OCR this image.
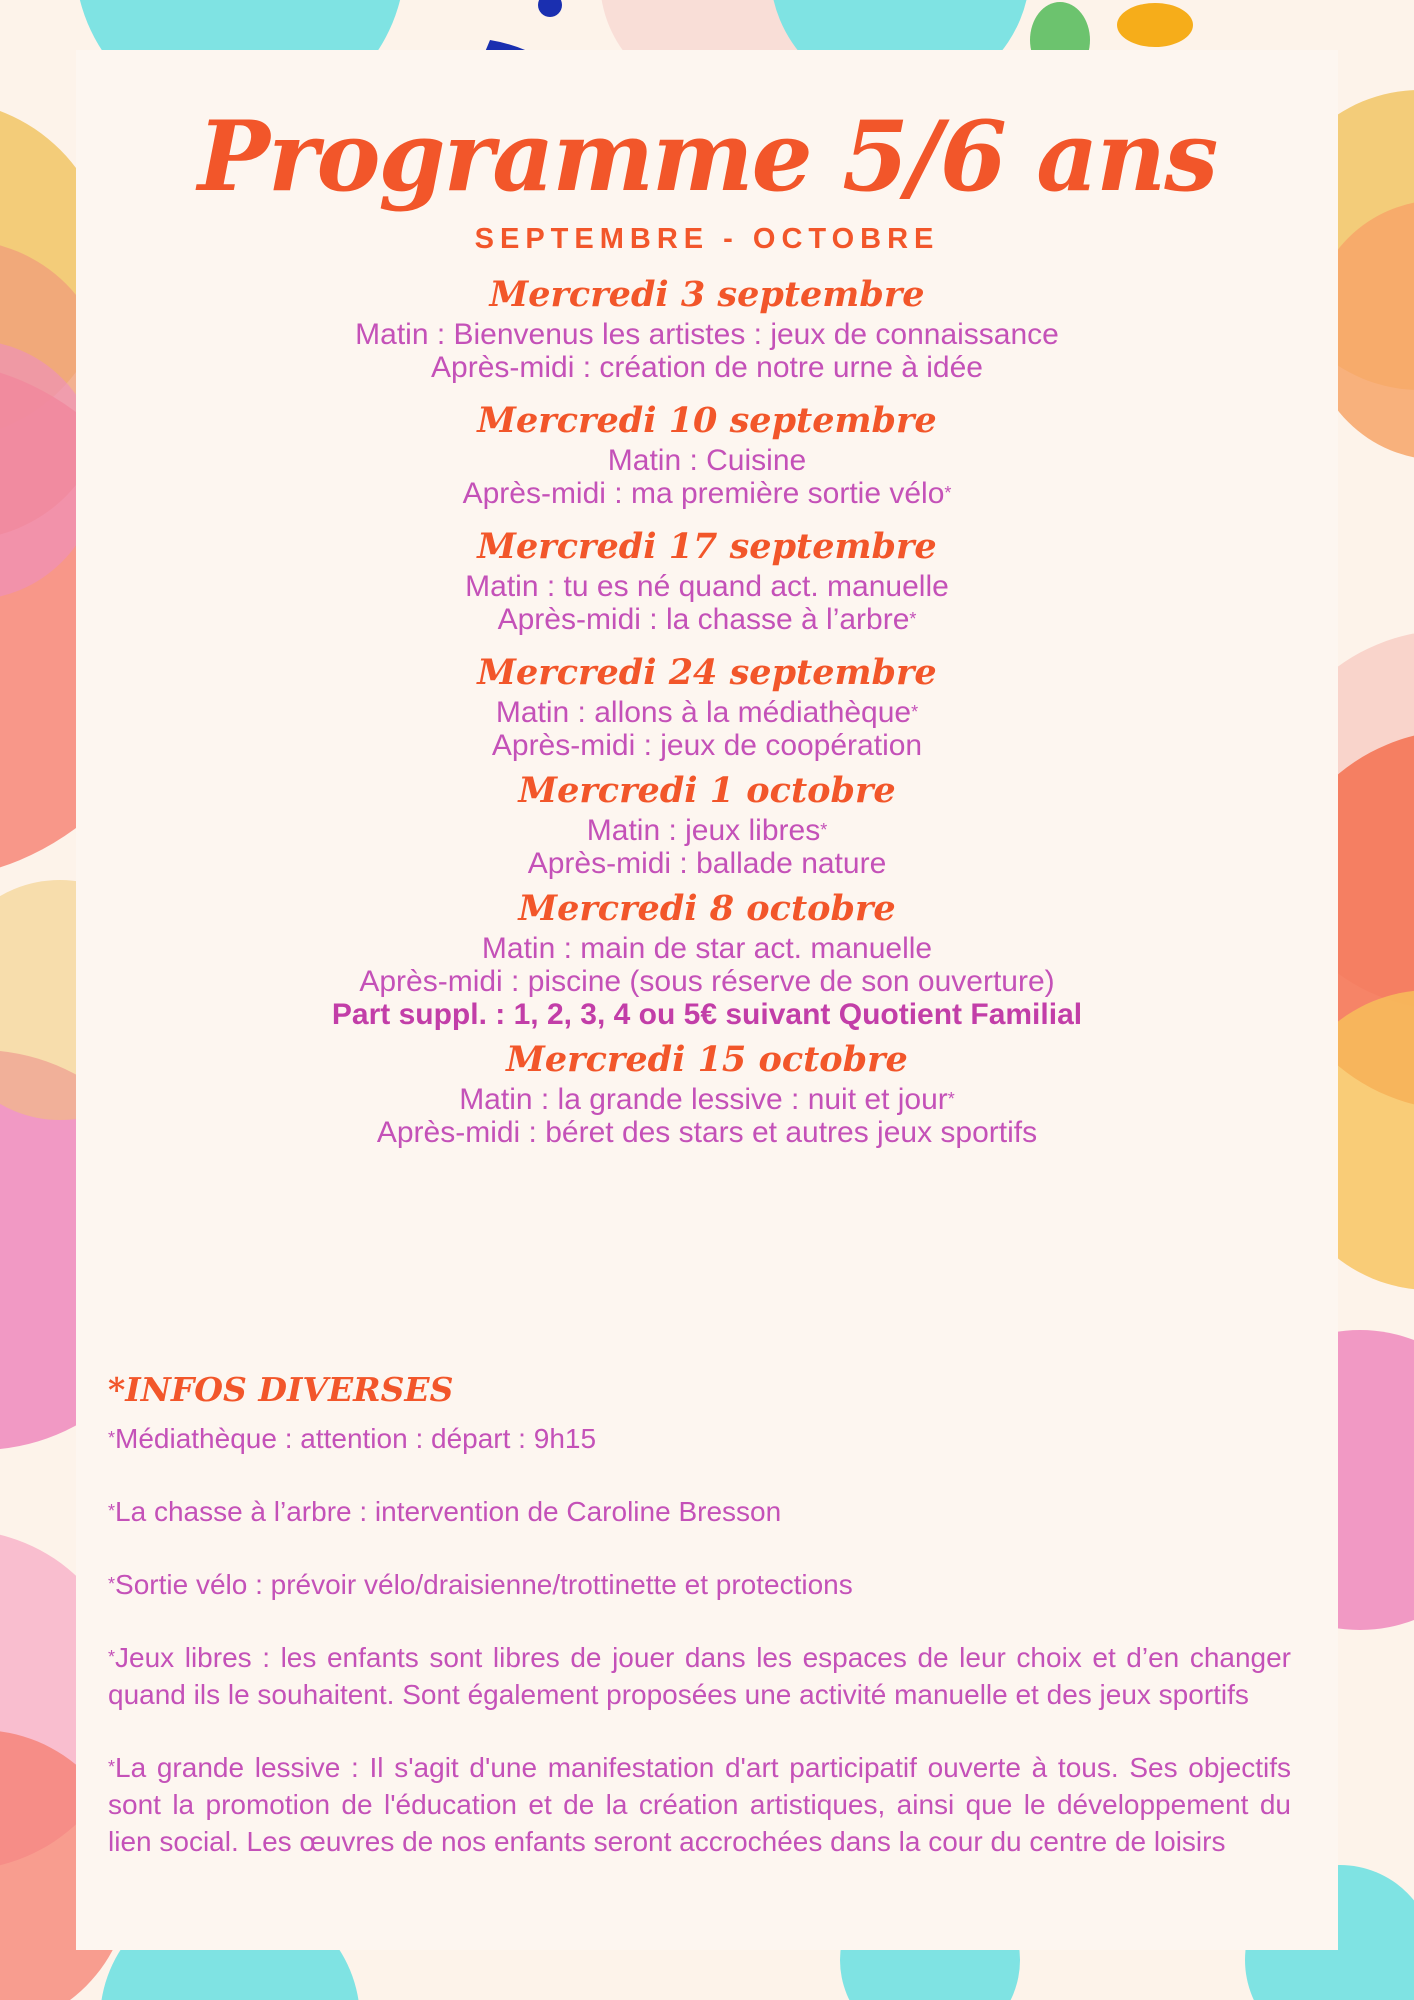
Programme 5/6 ans
SEPTEMBRE - OCTOBRE
Mercredi 3 septembre

Matin : Bienvenus les artistes : jeux de connaissance

Après-midi : création de notre urne à idée

Mercredi 10 septembre

Matin : Cuisine

Après-midi : ma première sortie vélo*

Mercredi 17 septembre

Matin : tu es né quand act. manuelle

Après-midi : la chasse à l’arbre*

Mercredi 24 septembre

Matin : allons à la médiathèque*

Après-midi : jeux de coopération

Mercredi 1 octobre

Matin : jeux libres*

Après-midi : ballade nature

Mercredi 8 octobre

Matin : main de star act. manuelle

Après-midi : piscine (sous réserve de son ouverture)

Part suppl. : 1, 2, 3, 4 ou 5€ suivant Quotient Familial

Mercredi 15 octobre

Matin : la grande lessive : nuit et jour*

Après-midi : béret des stars et autres jeux sportifs

*INFOS DIVERSES

*Médiathèque : attention : départ : 9h15

*La chasse à l’arbre : intervention de Caroline Bresson

*Sortie vélo : prévoir vélo/draisienne/trottinette et protections

*Jeux libres : les enfants sont libres de jouer dans les espaces de leur choix et d’en changer quand ils le souhaitent. Sont également proposées une activité manuelle et des jeux sportifs

*La grande lessive : Il s'agit d'une manifestation d'art participatif ouverte à tous. Ses objectifs sont la promotion de l'éducation et de la création artistiques, ainsi que le développement du lien social. Les œuvres de nos enfants seront accrochées dans la cour du centre de loisirs
